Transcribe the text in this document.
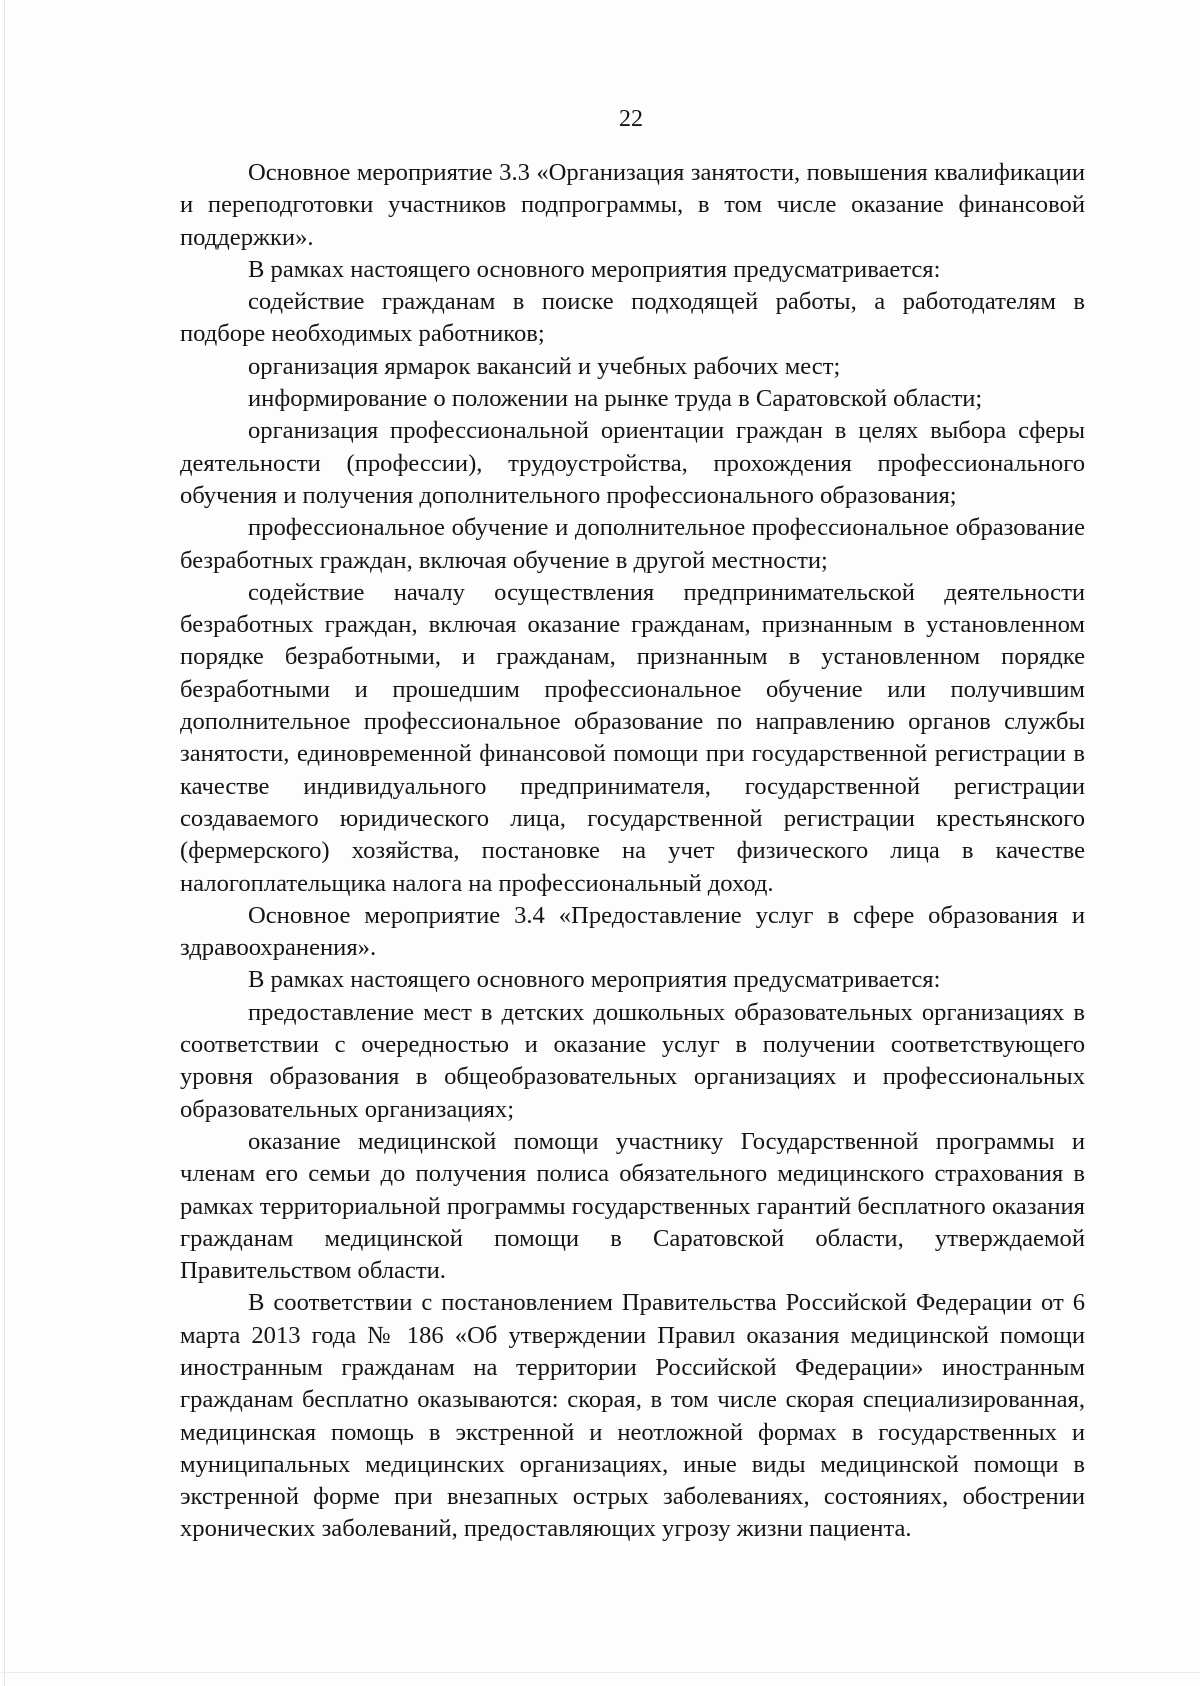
22

Основное мероприятие 3.3 «Организация занятости, повышения квалификации и переподготовки участников подпрограммы, в том числе оказание финансовой поддержки».

В рамках настоящего основного мероприятия предусматривается:

содействие гражданам в поиске подходящей работы, а работодателям в подборе необходимых работников;

организация ярмарок вакансий и учебных рабочих мест;

информирование о положении на рынке труда в Саратовской области;

организация профессиональной ориентации граждан в целях выбора сферы деятельности (профессии), трудоустройства, прохождения профессионального обучения и получения дополнительного профессионального образования;

профессиональное обучение и дополнительное профессиональное образование безработных граждан, включая обучение в другой местности;

содействие началу осуществления предпринимательской деятельности безработных граждан, включая оказание гражданам, признанным в установленном порядке безработными, и гражданам, признанным в установленном порядке безработными и прошедшим профессиональное обучение или получившим дополнительное профессиональное образование по направлению органов службы занятости, единовременной финансовой помощи при государственной регистрации в качестве индивидуального предпринимателя, государственной регистрации создаваемого юридического лица, государственной регистрации крестьянского (фермерского) хозяйства, постановке на учет физического лица в качестве налогоплательщика налога на профессиональный доход.

Основное мероприятие 3.4 «Предоставление услуг в сфере образования и здравоохранения».

В рамках настоящего основного мероприятия предусматривается:

предоставление мест в детских дошкольных образовательных организациях в соответствии с очередностью и оказание услуг в получении соответствующего уровня образования в общеобразовательных организациях и профессиональных образовательных организациях;

оказание медицинской помощи участнику Государственной программы и членам его семьи до получения полиса обязательного медицинского страхования в рамках территориальной программы государственных гарантий бесплатного оказания гражданам медицинской помощи в Саратовской области, утверждаемой Правительством области.

В соответствии с постановлением Правительства Российской Федерации от 6 марта 2013 года № 186 «Об утверждении Правил оказания медицинской помощи иностранным гражданам на территории Российской Федерации» иностранным гражданам бесплатно оказываются: скорая, в том числе скорая специализированная, медицинская помощь в экстренной и неотложной формах в государственных и муниципальных медицинских организациях, иные виды медицинской помощи в экстренной форме при внезапных острых заболеваниях, состояниях, обострении хронических заболеваний, предоставляющих угрозу жизни пациента.
